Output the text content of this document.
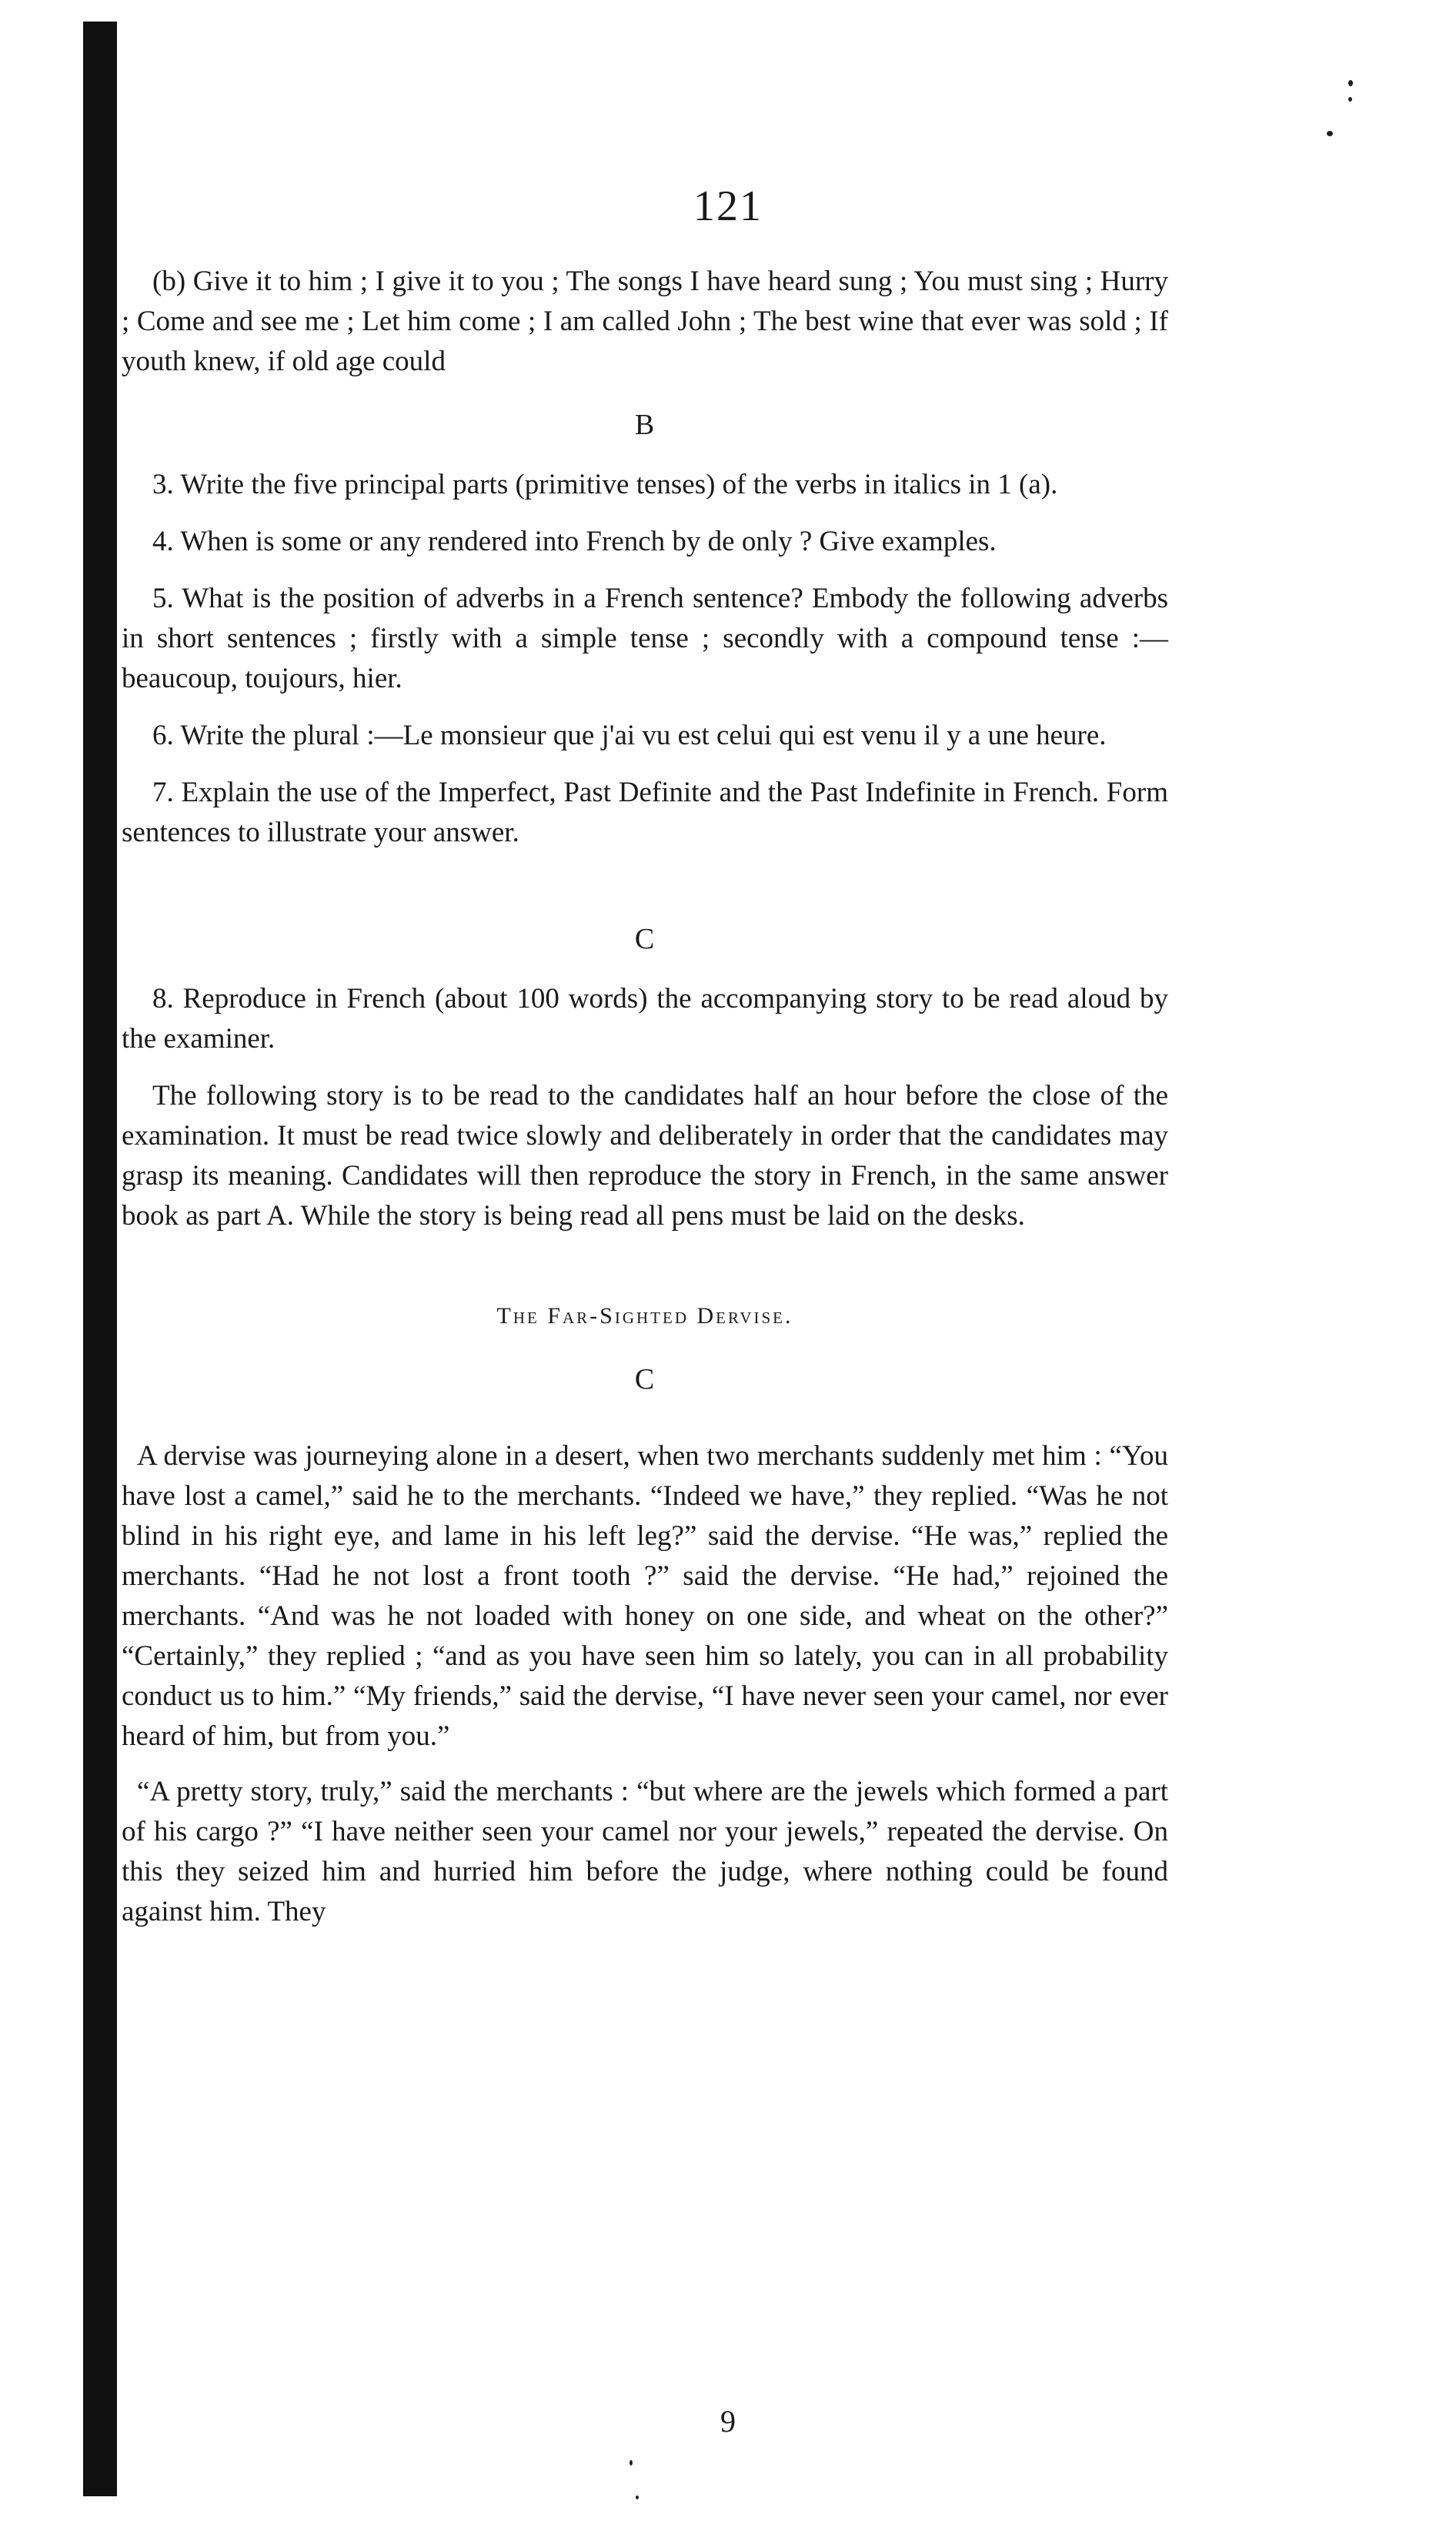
121

(b) Give it to him ; I give it to you ; The songs I have heard sung ; You must sing ; Hurry ; Come and see me ; Let him come ; I am called John ; The best wine that ever was sold ; If youth knew, if old age could

B

3. Write the five principal parts (primitive tenses) of the verbs in italics in 1 (a).

4. When is some or any rendered into French by de only ? Give examples.

5. What is the position of adverbs in a French sentence? Embody the following adverbs in short sentences ; firstly with a simple tense ; secondly with a compound tense :—beaucoup, toujours, hier.

6. Write the plural :—Le monsieur que j'ai vu est celui qui est venu il y a une heure.

7. Explain the use of the Imperfect, Past Definite and the Past Indefinite in French. Form sentences to illustrate your answer.

C

8. Reproduce in French (about 100 words) the accompanying story to be read aloud by the examiner.

The following story is to be read to the candidates half an hour before the close of the examination. It must be read twice slowly and deliberately in order that the candidates may grasp its meaning. Candidates will then reproduce the story in French, in the same answer book as part A. While the story is being read all pens must be laid on the desks.

The Far-Sighted Dervise.
C

A dervise was journeying alone in a desert, when two merchants suddenly met him : “You have lost a camel,” said he to the merchants. “Indeed we have,” they replied. “Was he not blind in his right eye, and lame in his left leg?” said the dervise. “He was,” replied the merchants. “Had he not lost a front tooth ?” said the dervise. “He had,” rejoined the merchants. “And was he not loaded with honey on one side, and wheat on the other?” “Certainly,” they replied ; “and as you have seen him so lately, you can in all probability conduct us to him.” “My friends,” said the dervise, “I have never seen your camel, nor ever heard of him, but from you.”

“A pretty story, truly,” said the merchants : “but where are the jewels which formed a part of his cargo ?” “I have neither seen your camel nor your jewels,” repeated the dervise. On this they seized him and hurried him before the judge, where nothing could be found against him. They

9
